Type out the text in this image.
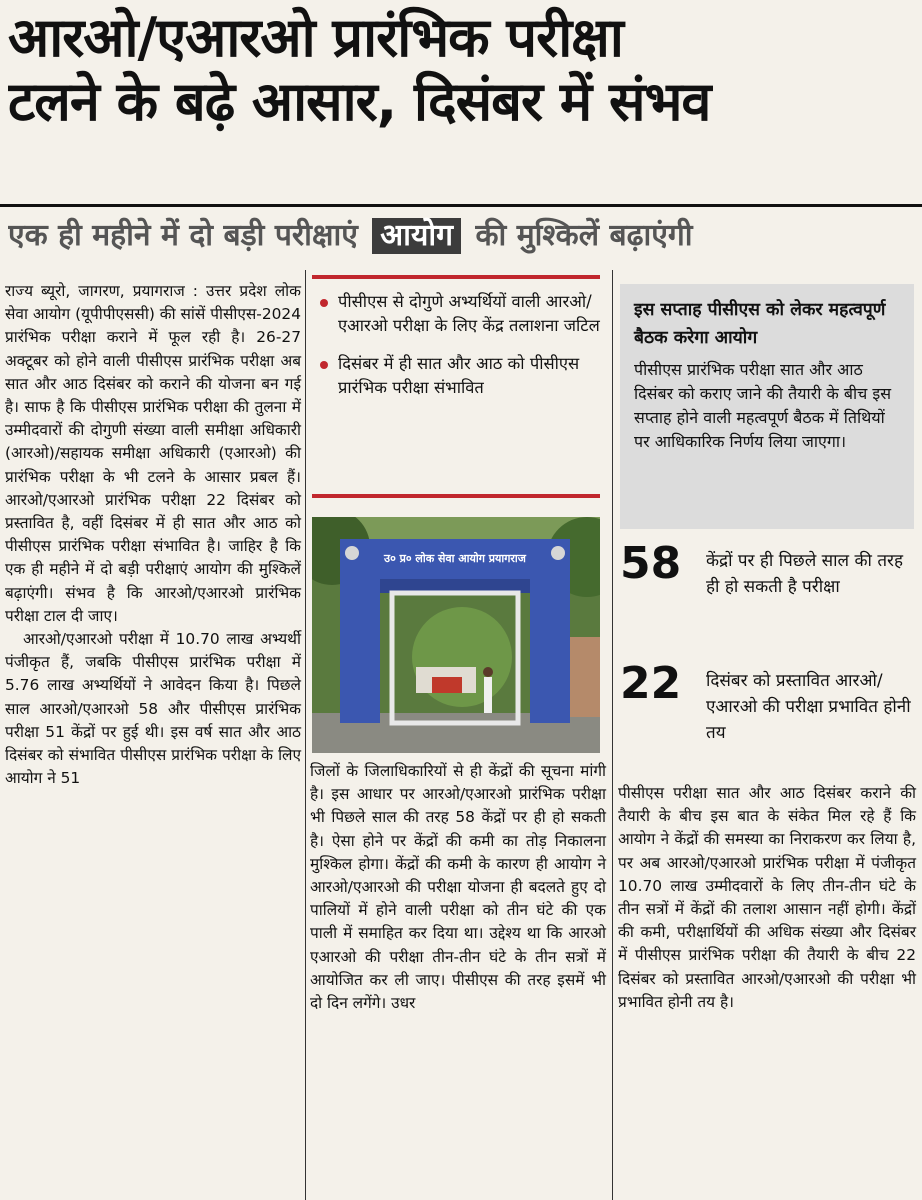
आरओ/एआरओ प्रारंभिक परीक्षा
टलने के बढ़े आसार, दिसंबर में संभव
एक ही महीने में दो बड़ी परीक्षाएं आयोग की मुश्किलें बढ़ाएंगी

राज्य ब्यूरो, जागरण, प्रयागराज : उत्तर प्रदेश लोक सेवा आयोग (यूपीपीएससी) की सांसें पीसीएस-2024 प्रारंभिक परीक्षा कराने में फूल रही है। 26-27 अक्टूबर को होने वाली पीसीएस प्रारंभिक परीक्षा अब सात और आठ दिसंबर को कराने की योजना बन गई है। साफ है कि पीसीएस प्रारंभिक परीक्षा की तुलना में उम्मीदवारों की दोगुणी संख्या वाली समीक्षा अधिकारी (आरओ)/सहायक समीक्षा अधिकारी (एआरओ) की प्रारंभिक परीक्षा के भी टलने के आसार प्रबल हैं। आरओ/एआरओ प्रारंभिक परीक्षा 22 दिसंबर को प्रस्तावित है, वहीं दिसंबर में ही सात और आठ को पीसीएस प्रारंभिक परीक्षा संभावित है। जाहिर है कि एक ही महीने में दो बड़ी परीक्षाएं आयोग की मुश्किलें बढ़ाएंगी। संभव है कि आरओ/एआरओ प्रारंभिक परीक्षा टाल दी जाए।

आरओ/एआरओ परीक्षा में 10.70 लाख अभ्यर्थी पंजीकृत हैं, जबकि पीसीएस प्रारंभिक परीक्षा में 5.76 लाख अभ्यर्थियों ने आवेदन किया है। पिछले साल आरओ/एआरओ 58 और पीसीएस प्रारंभिक परीक्षा 51 केंद्रों पर हुई थी। इस वर्ष सात और आठ दिसंबर को संभावित पीसीएस प्रारंभिक परीक्षा के लिए आयोग ने 51

पीसीएस से दोगुणे अभ्यर्थियों वाली आरओ/एआरओ परीक्षा के लिए केंद्र तलाशना जटिल
दिसंबर में ही सात और आठ को पीसीएस प्रारंभिक परीक्षा संभावित
उ० प्र० लोक सेवा आयोग प्रयागराज

जिलों के जिलाधिकारियों से ही केंद्रों की सूचना मांगी है। इस आधार पर आरओ/एआरओ प्रारंभिक परीक्षा भी पिछले साल की तरह 58 केंद्रों पर ही हो सकती है। ऐसा होने पर केंद्रों की कमी का तोड़ निकालना मुश्किल होगा। केंद्रों की कमी के कारण ही आयोग ने आरओ/एआरओ की परीक्षा योजना ही बदलते हुए दो पालियों में होने वाली परीक्षा को तीन घंटे की एक पाली में समाहित कर दिया था। उद्देश्य था कि आरओ एआरओ की परीक्षा तीन-तीन घंटे के तीन सत्रों में आयोजित कर ली जाए। पीसीएस की तरह इसमें भी दो दिन लगेंगे। उधर

इस सप्ताह पीसीएस को लेकर महत्वपूर्ण बैठक करेगा आयोग
पीसीएस प्रारंभिक परीक्षा सात और आठ दिसंबर को कराए जाने की तैयारी के बीच इस सप्ताह होने वाली महत्वपूर्ण बैठक में तिथियों पर आधिकारिक निर्णय लिया जाएगा।
58 केंद्रों पर ही पिछले साल की तरह ही हो सकती है परीक्षा
22 दिसंबर को प्रस्तावित आरओ/एआरओ की परीक्षा प्रभावित होनी तय

पीसीएस परीक्षा सात और आठ दिसंबर कराने की तैयारी के बीच इस बात के संकेत मिल रहे हैं कि आयोग ने केंद्रों की समस्या का निराकरण कर लिया है, पर अब आरओ/एआरओ प्रारंभिक परीक्षा में पंजीकृत 10.70 लाख उम्मीदवारों के लिए तीन-तीन घंटे के तीन सत्रों में केंद्रों की तलाश आसान नहीं होगी। केंद्रों की कमी, परीक्षार्थियों की अधिक संख्या और दिसंबर में पीसीएस प्रारंभिक परीक्षा की तैयारी के बीच 22 दिसंबर को प्रस्तावित आरओ/एआरओ की परीक्षा भी प्रभावित होनी तय है।
